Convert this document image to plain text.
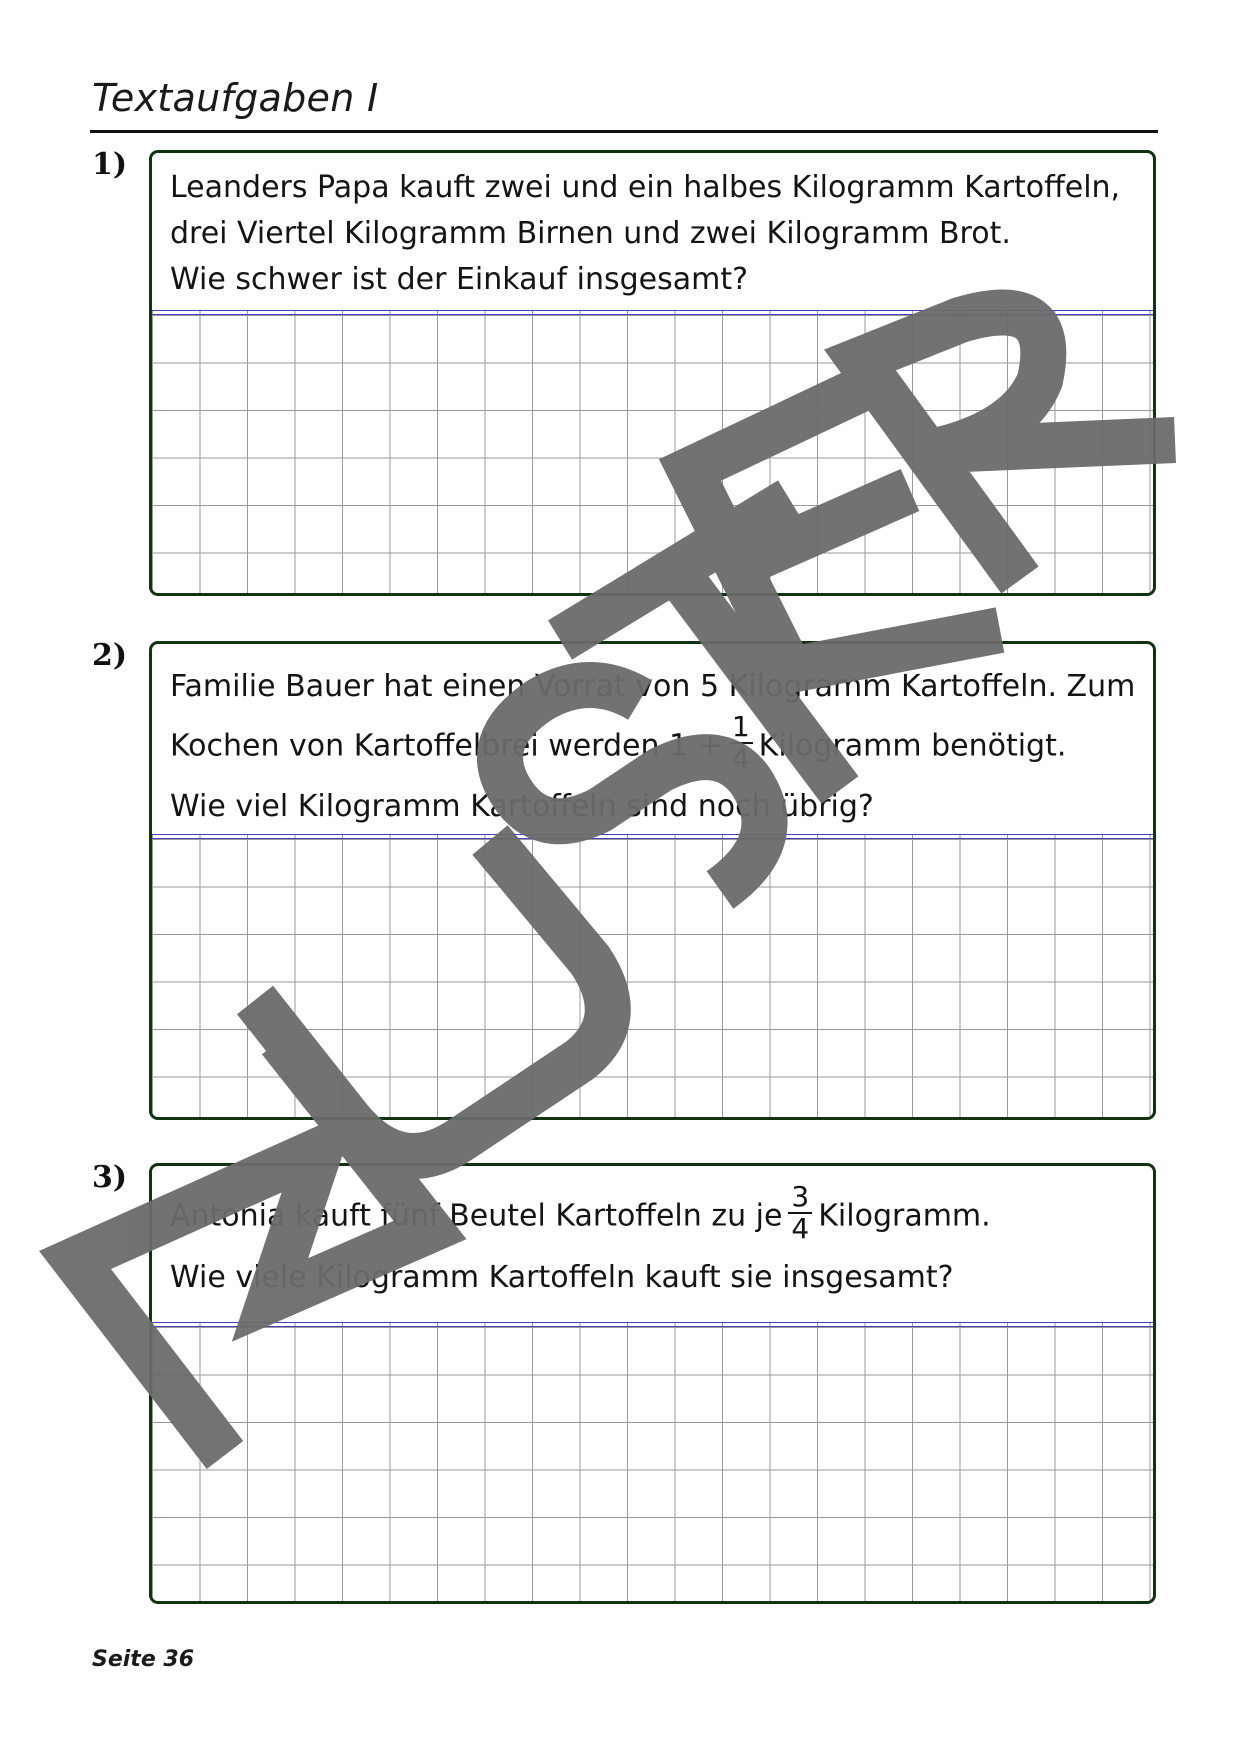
Textaufgaben I
1)
Leanders Papa kauft zwei und ein halbes Kilogramm Kartoffeln,
drei Viertel Kilogramm Birnen und zwei Kilogramm Brot.
Wie schwer ist der Einkauf insgesamt?
2)
Familie Bauer hat einen Vorrat von 5 Kilogramm Kartoffeln. Zum
Kochen von Kartoffelbrei werden $1 + \frac{1}{4}$ Kilogramm benötigt.
Wie viel Kilogramm Kartoffeln sind noch übrig?
3)
Antonia kauft fünf Beutel Kartoffeln zu je $\frac{3}{4}$ Kilogramm.
Wie viele Kilogramm Kartoffeln kauft sie insgesamt?
Seite 36
